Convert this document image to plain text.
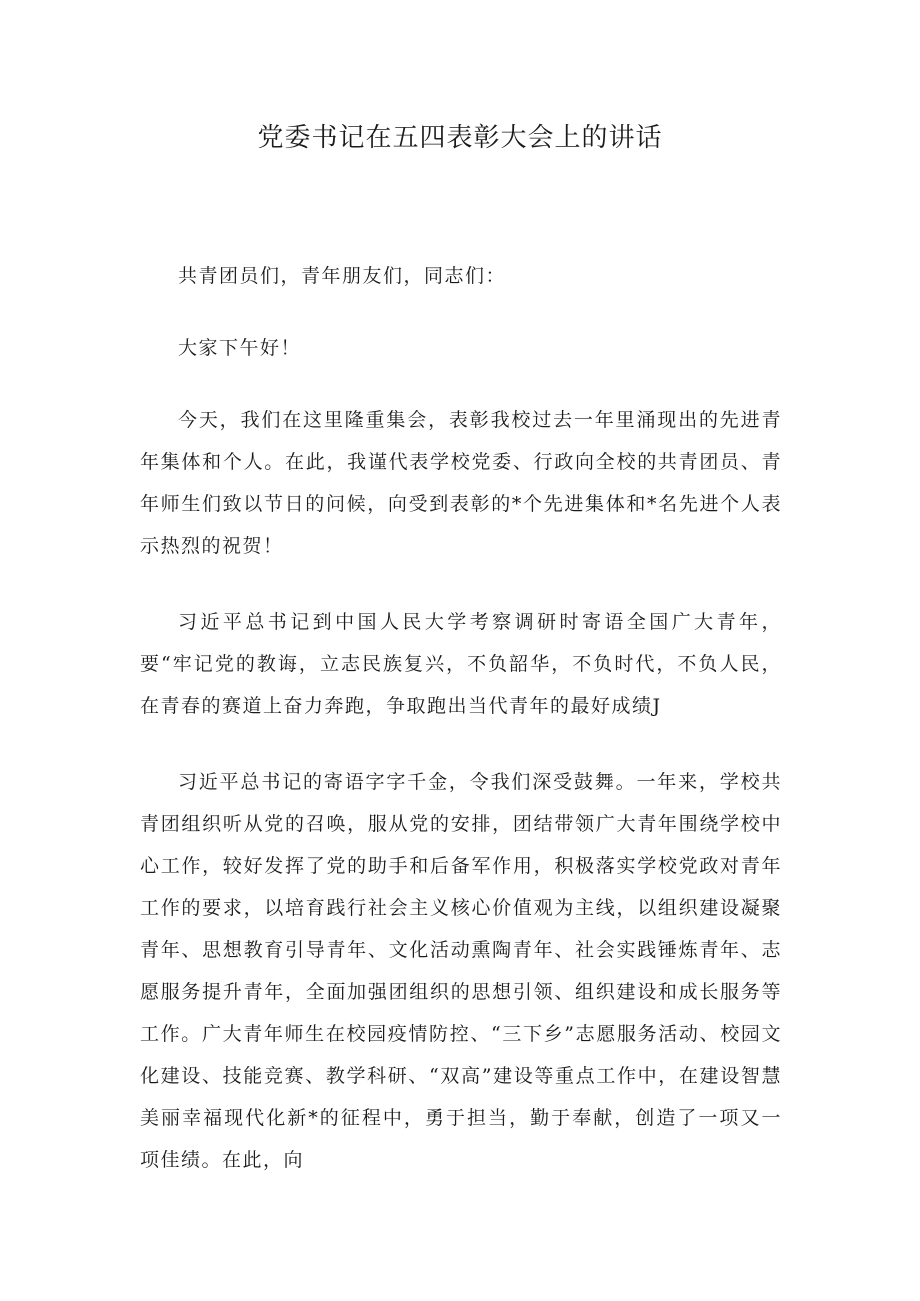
党委书记在五四表彰大会上的讲话

共青团员们，青年朋友们，同志们：

大家下午好！

今天，我们在这里隆重集会，表彰我校过去一年里涌现出的先进青年集体和个人。在此，我谨代表学校党委、行政向全校的共青团员、青年师生们致以节日的问候，向受到表彰的*个先进集体和*名先进个人表示热烈的祝贺！

习近平总书记到中国人民大学考察调研时寄语全国广大青年，要“牢记党的教诲，立志民族复兴，不负韶华，不负时代，不负人民，在青春的赛道上奋力奔跑，争取跑出当代青年的最好成绩J

习近平总书记的寄语字字千金，令我们深受鼓舞。一年来，学校共青团组织听从党的召唤，服从党的安排，团结带领广大青年围绕学校中心工作，较好发挥了党的助手和后备军作用，积极落实学校党政对青年工作的要求，以培育践行社会主义核心价值观为主线，以组织建设凝聚青年、思想教育引导青年、文化活动熏陶青年、社会实践锤炼青年、志愿服务提升青年，全面加强团组织的思想引领、组织建设和成长服务等工作。广大青年师生在校园疫情防控、“三下乡”志愿服务活动、校园文化建设、技能竞赛、教学科研、“双高”建设等重点工作中，在建设智慧美丽幸福现代化新*的征程中，勇于担当，勤于奉献，创造了一项又一项佳绩。在此，向
